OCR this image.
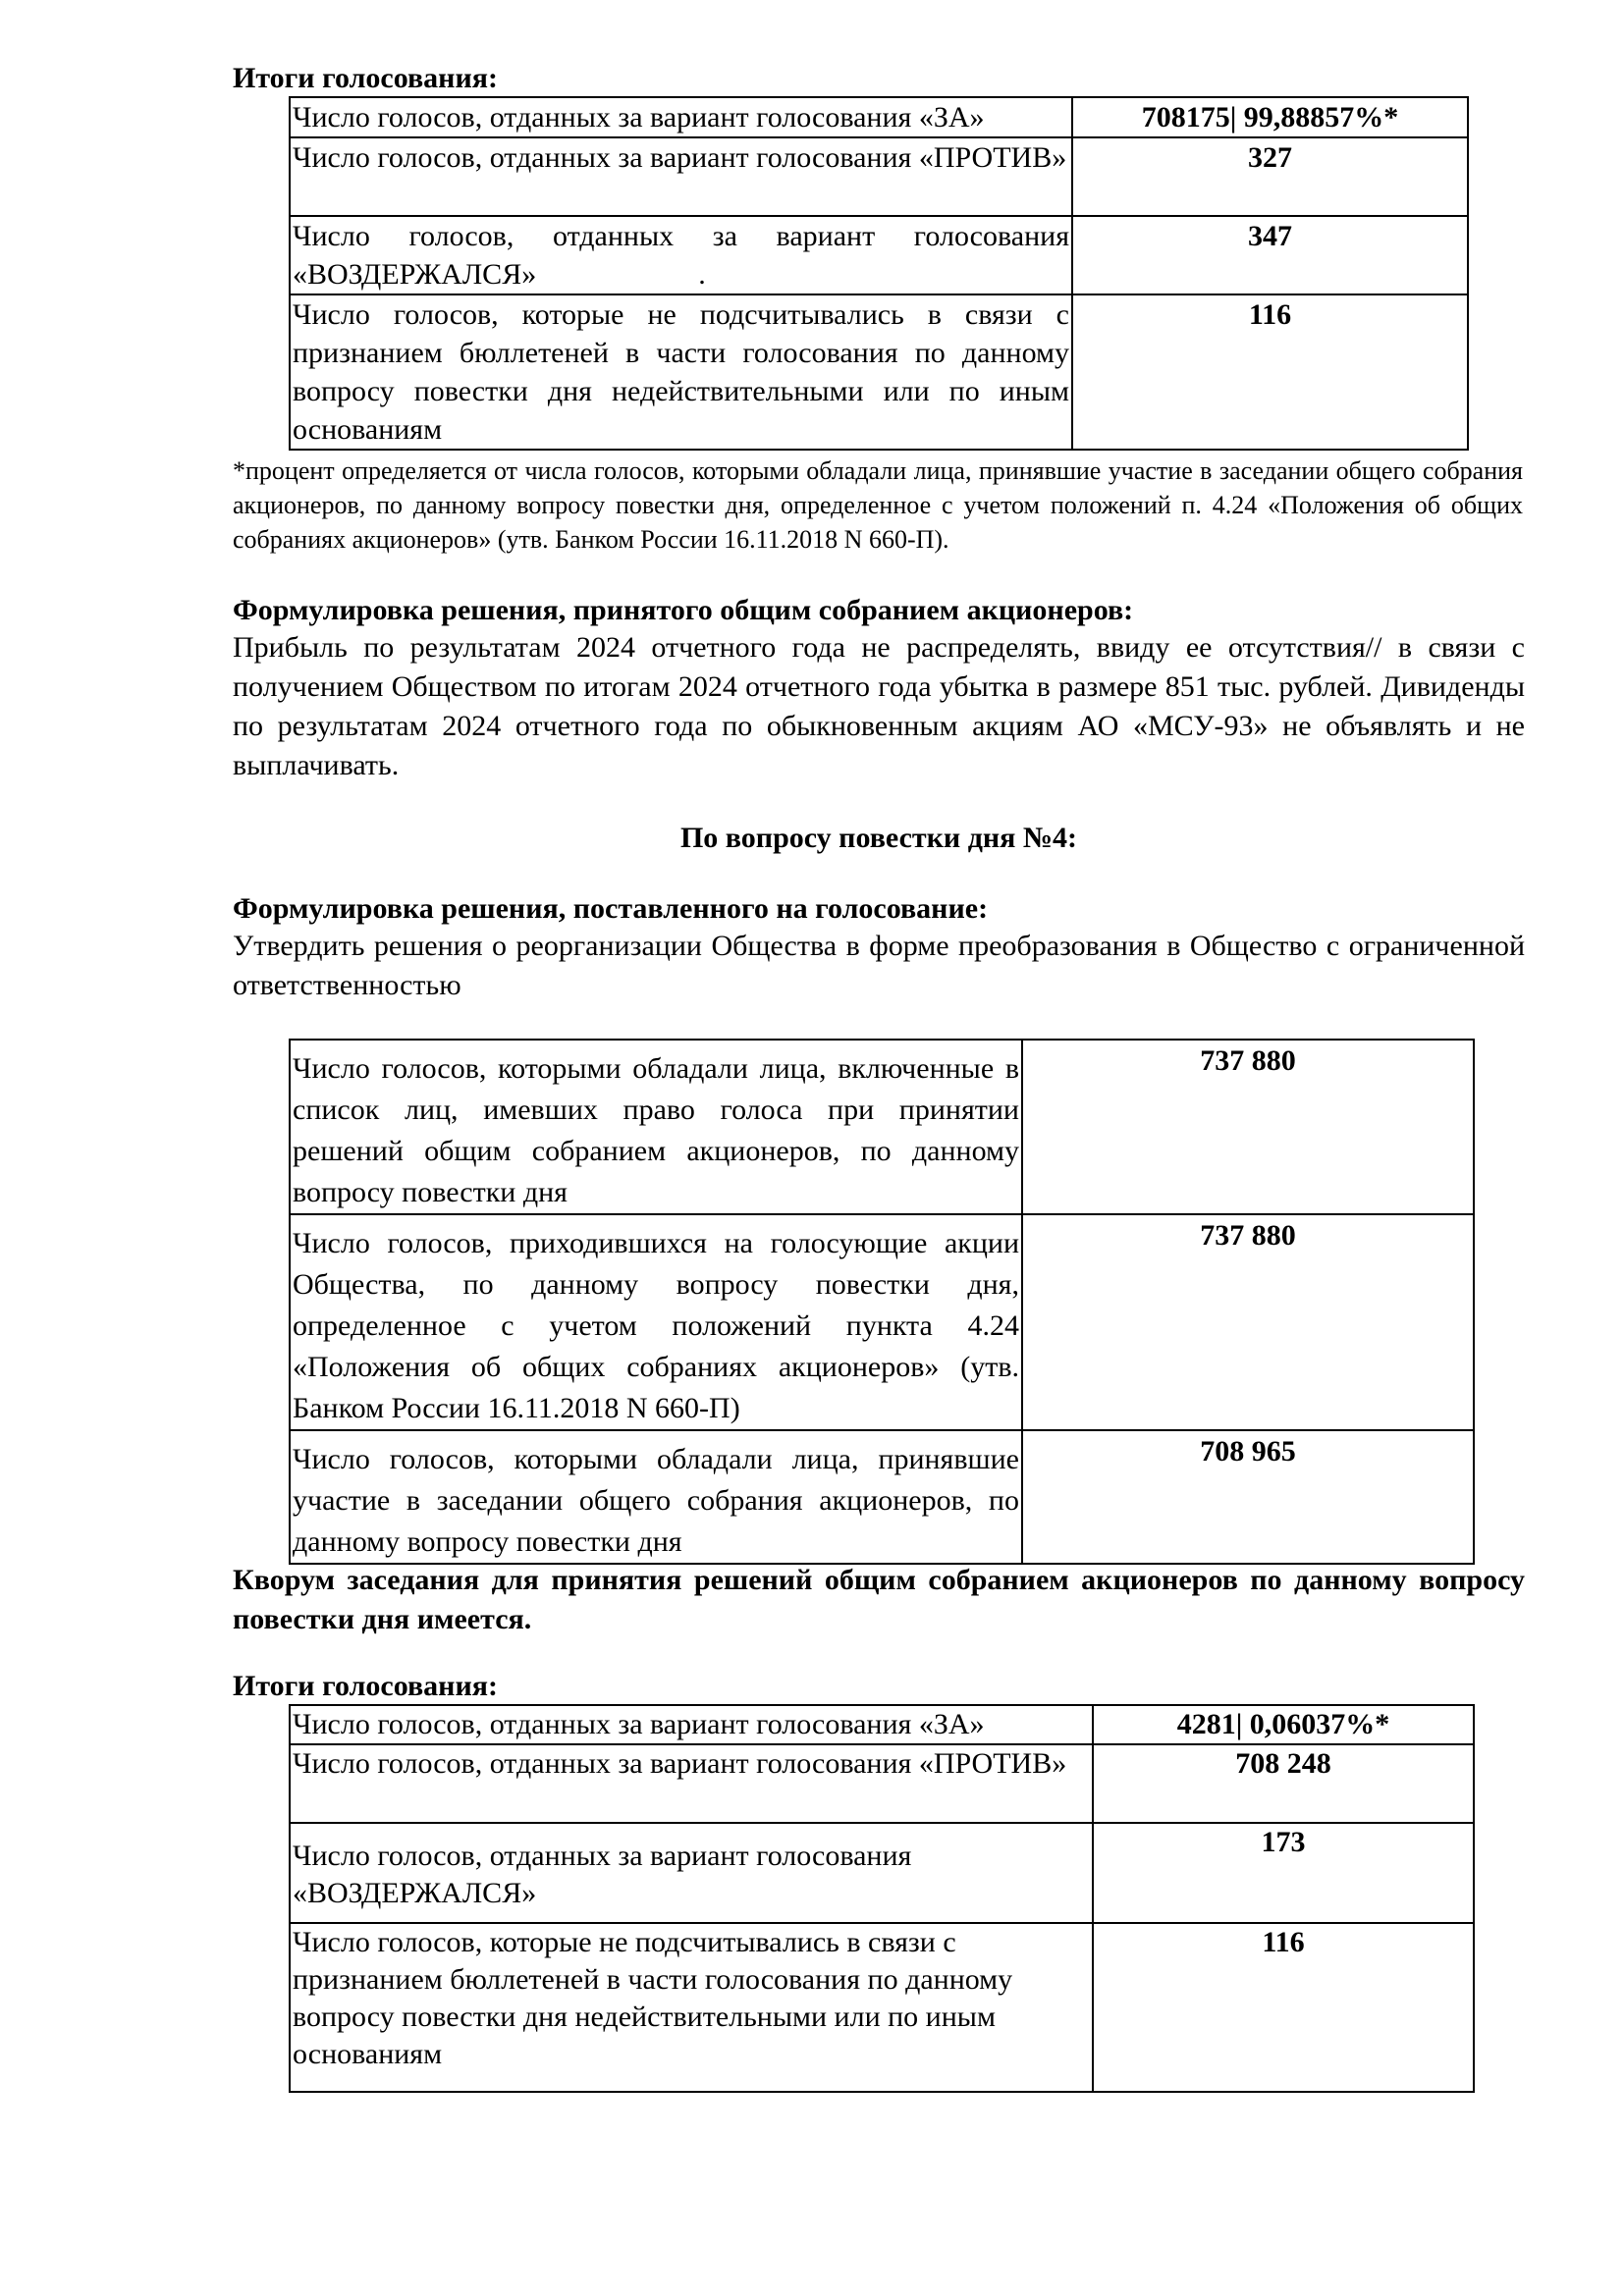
Итоги голосования:
Число голосов, отданных за вариант голосования «ЗА»	708175| 99,88857%*
Число голосов, отданных за вариант голосования «ПРОТИВ»	327
Число голосов, отданных за вариант голосования «ВОЗДЕРЖАЛСЯ»                      .	347
Число голосов, которые не подсчитывались в связи с признанием бюллетеней в части голосования по данному вопросу повестки дня недействительными или по иным основаниям	116

*процент определяется от числа голосов, которыми обладали лица, принявшие участие в заседании общего собрания акционеров, по данному вопросу повестки дня, определенное с учетом положений п. 4.24 «Положения об общих собраниях акционеров» (утв. Банком России 16.11.2018 N 660-П).

Формулировка решения, принятого общим собранием акционеров:

Прибыль по результатам 2024 отчетного года не распределять, ввиду ее отсутствия// в связи с получением Обществом по итогам 2024 отчетного года убытка в размере 851 тыс. рублей. Дивиденды по результатам 2024 отчетного года по обыкновенным акциям АО «МСУ-93» не объявлять и не выплачивать.

По вопросу повестки дня №4:
Формулировка решения, поставленного на голосование:

Утвердить решения о реорганизации Общества в форме преобразования в Общество с ограниченной ответственностью

Число голосов, которыми обладали лица, включенные в список лиц, имевших право голоса при принятии решений общим собранием акционеров, по данному вопросу повестки дня	737 880
Число голосов, приходившихся на голосующие акции Общества, по данному вопросу повестки дня, определенное с учетом положений пункта 4.24 «Положения об общих собраниях акционеров» (утв. Банком России 16.11.2018 N 660-П)	737 880
Число голосов, которыми обладали лица, принявшие участие в заседании общего собрания акционеров, по данному вопросу повестки дня	708 965

Кворум заседания для принятия решений общим собранием акционеров по данному вопросу повестки дня имеется.

Итоги голосования:
Число голосов, отданных за вариант голосования «ЗА»	4281| 0,06037%*
Число голосов, отданных за вариант голосования «ПРОТИВ»	708 248
Число голосов, отданных за вариант голосования «ВОЗДЕРЖАЛСЯ»	173
Число голосов, которые не подсчитывались в связи с признанием бюллетеней в части голосования по данному вопросу повестки дня недействительными или по иным основаниям	116
